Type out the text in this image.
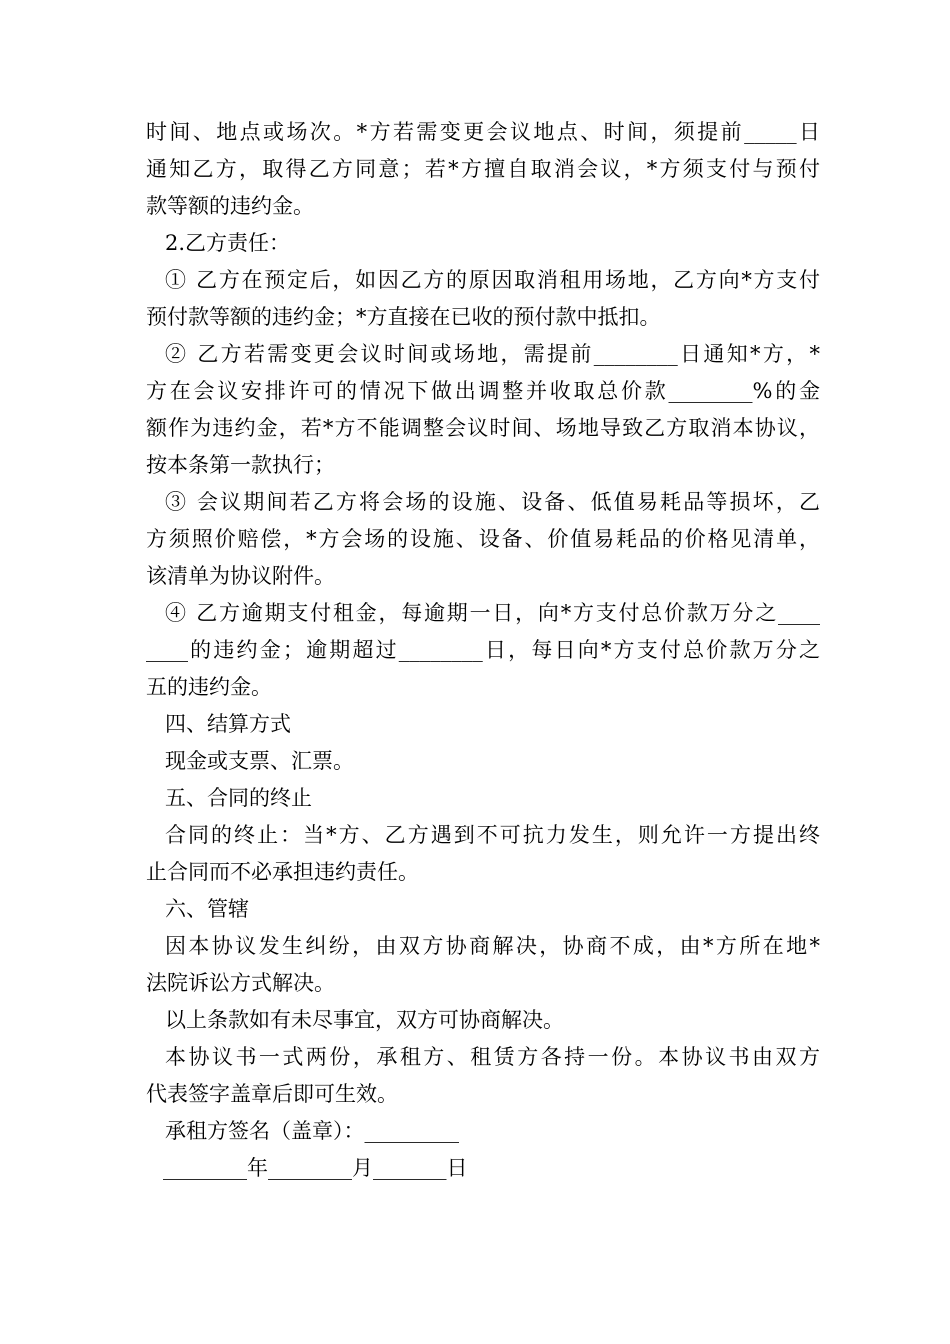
时间、地点或场次。*方若需变更会议地点、时间，须提前_____日
通知乙方，取得乙方同意；若*方擅自取消会议，*方须支付与预付
款等额的违约金。
2.乙方责任：
① 乙方在预定后，如因乙方的原因取消租用场地，乙方向*方支付
预付款等额的违约金；*方直接在已收的预付款中抵扣。
② 乙方若需变更会议时间或场地，需提前________日通知*方，*
方在会议安排许可的情况下做出调整并收取总价款________%的金
额作为违约金，若*方不能调整会议时间、场地导致乙方取消本协议，
按本条第一款执行；
③ 会议期间若乙方将会场的设施、设备、低值易耗品等损坏，乙
方须照价赔偿，*方会场的设施、设备、价值易耗品的价格见清单，
该清单为协议附件。
④ 乙方逾期支付租金，每逾期一日，向*方支付总价款万分之____
____的违约金；逾期超过________日，每日向*方支付总价款万分之
五的违约金。
四、结算方式
现金或支票、汇票。
五、合同的终止
合同的终止：当*方、乙方遇到不可抗力发生，则允许一方提出终
止合同而不必承担违约责任。
六、管辖
因本协议发生纠纷，由双方协商解决，协商不成，由*方所在地*
法院诉讼方式解决。
以上条款如有未尽事宜，双方可协商解决。
本协议书一式两份，承租方、租赁方各持一份。本协议书由双方
代表签字盖章后即可生效。
承租方签名（盖章）：_________
________年________月_______日
